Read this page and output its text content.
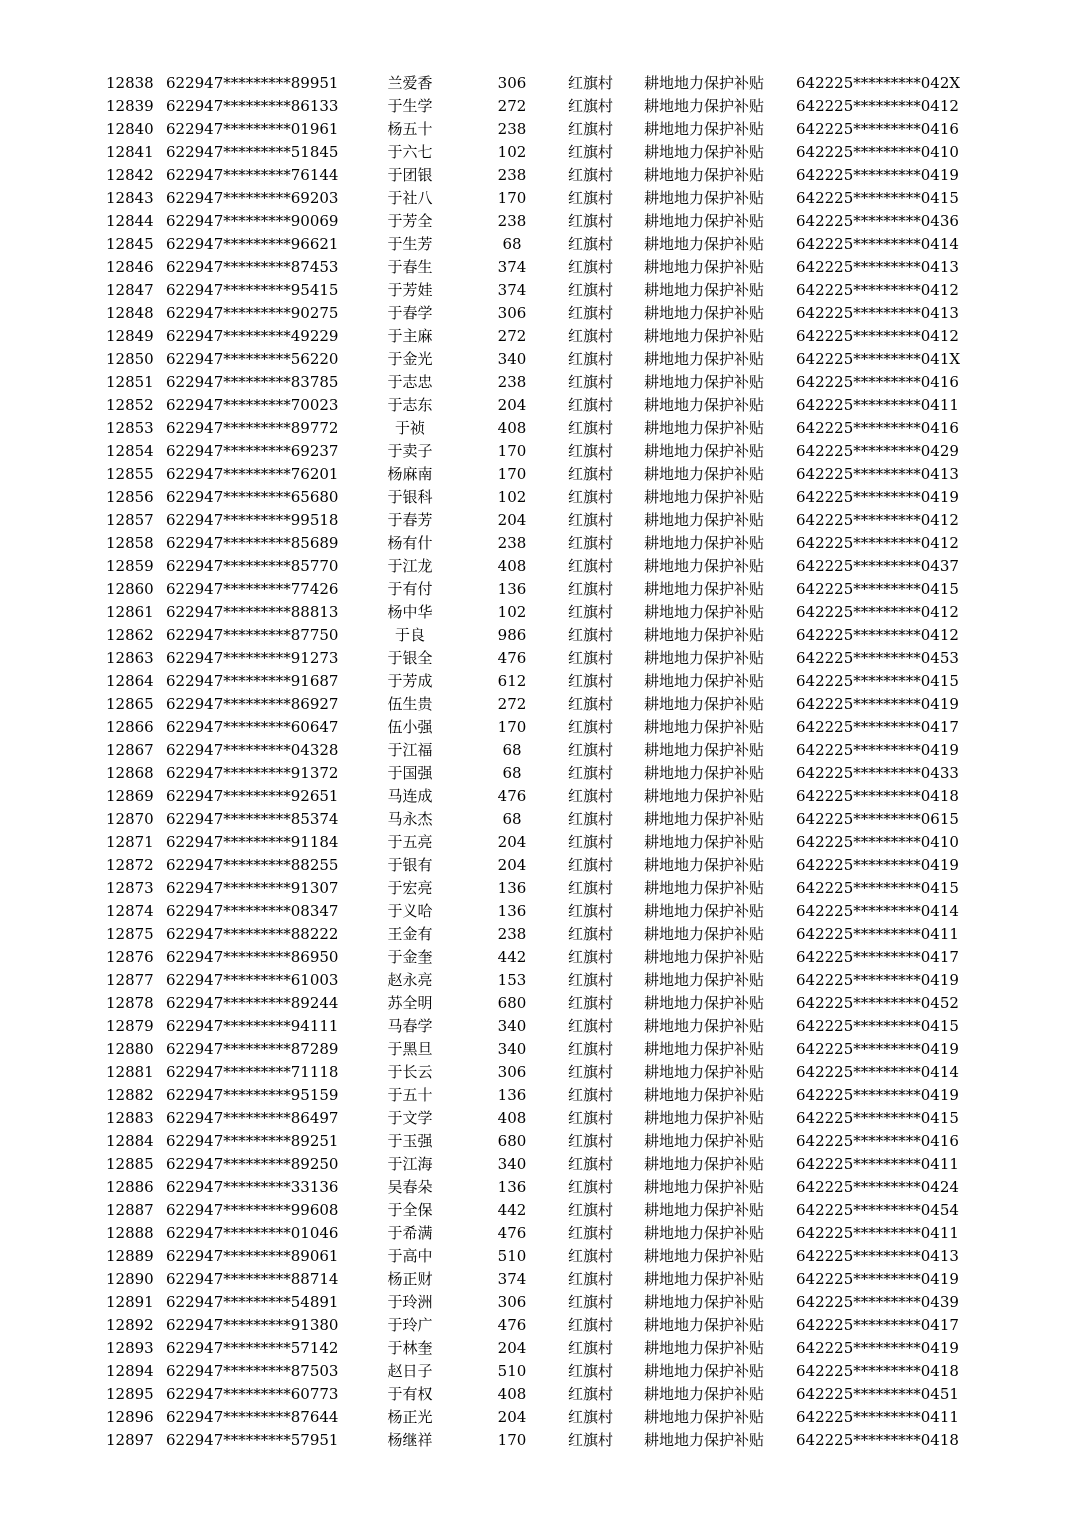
12838 622947*********89951	兰爱香	306	红旗村	耕地地力保护补贴	642225*********042X
12839 622947*********86133	于生学	272	红旗村	耕地地力保护补贴	642225*********0412
12840 622947*********01961	杨五十	238	红旗村	耕地地力保护补贴	642225*********0416
12841 622947*********51845	于六七	102	红旗村	耕地地力保护补贴	642225*********0410
12842 622947*********76144	于团银	238	红旗村	耕地地力保护补贴	642225*********0419
12843 622947*********69203	于社八	170	红旗村	耕地地力保护补贴	642225*********0415
12844 622947*********90069	于芳全	238	红旗村	耕地地力保护补贴	642225*********0436
12845 622947*********96621	于生芳	68	红旗村	耕地地力保护补贴	642225*********0414
12846 622947*********87453	于春生	374	红旗村	耕地地力保护补贴	642225*********0413
12847 622947*********95415	于芳娃	374	红旗村	耕地地力保护补贴	642225*********0412
12848 622947*********90275	于春学	306	红旗村	耕地地力保护补贴	642225*********0413
12849 622947*********49229	于主麻	272	红旗村	耕地地力保护补贴	642225*********0412
12850 622947*********56220	于金光	340	红旗村	耕地地力保护补贴	642225*********041X
12851 622947*********83785	于志忠	238	红旗村	耕地地力保护补贴	642225*********0416
12852 622947*********70023	于志东	204	红旗村	耕地地力保护补贴	642225*********0411
12853 622947*********89772	于祯	408	红旗村	耕地地力保护补贴	642225*********0416
12854 622947*********69237	于卖子	170	红旗村	耕地地力保护补贴	642225*********0429
12855 622947*********76201	杨麻南	170	红旗村	耕地地力保护补贴	642225*********0413
12856 622947*********65680	于银科	102	红旗村	耕地地力保护补贴	642225*********0419
12857 622947*********99518	于春芳	204	红旗村	耕地地力保护补贴	642225*********0412
12858 622947*********85689	杨有什	238	红旗村	耕地地力保护补贴	642225*********0412
12859 622947*********85770	于江龙	408	红旗村	耕地地力保护补贴	642225*********0437
12860 622947*********77426	于有付	136	红旗村	耕地地力保护补贴	642225*********0415
12861 622947*********88813	杨中华	102	红旗村	耕地地力保护补贴	642225*********0412
12862 622947*********87750	于良	986	红旗村	耕地地力保护补贴	642225*********0412
12863 622947*********91273	于银全	476	红旗村	耕地地力保护补贴	642225*********0453
12864 622947*********91687	于芳成	612	红旗村	耕地地力保护补贴	642225*********0415
12865 622947*********86927	伍生贵	272	红旗村	耕地地力保护补贴	642225*********0419
12866 622947*********60647	伍小强	170	红旗村	耕地地力保护补贴	642225*********0417
12867 622947*********04328	于江福	68	红旗村	耕地地力保护补贴	642225*********0419
12868 622947*********91372	于国强	68	红旗村	耕地地力保护补贴	642225*********0433
12869 622947*********92651	马连成	476	红旗村	耕地地力保护补贴	642225*********0418
12870 622947*********85374	马永杰	68	红旗村	耕地地力保护补贴	642225*********0615
12871 622947*********91184	于五亮	204	红旗村	耕地地力保护补贴	642225*********0410
12872 622947*********88255	于银有	204	红旗村	耕地地力保护补贴	642225*********0419
12873 622947*********91307	于宏亮	136	红旗村	耕地地力保护补贴	642225*********0415
12874 622947*********08347	于义哈	136	红旗村	耕地地力保护补贴	642225*********0414
12875 622947*********88222	王金有	238	红旗村	耕地地力保护补贴	642225*********0411
12876 622947*********86950	于金奎	442	红旗村	耕地地力保护补贴	642225*********0417
12877 622947*********61003	赵永亮	153	红旗村	耕地地力保护补贴	642225*********0419
12878 622947*********89244	苏全明	680	红旗村	耕地地力保护补贴	642225*********0452
12879 622947*********94111	马春学	340	红旗村	耕地地力保护补贴	642225*********0415
12880 622947*********87289	于黑旦	340	红旗村	耕地地力保护补贴	642225*********0419
12881 622947*********71118	于长云	306	红旗村	耕地地力保护补贴	642225*********0414
12882 622947*********95159	于五十	136	红旗村	耕地地力保护补贴	642225*********0419
12883 622947*********86497	于文学	408	红旗村	耕地地力保护补贴	642225*********0415
12884 622947*********89251	于玉强	680	红旗村	耕地地力保护补贴	642225*********0416
12885 622947*********89250	于江海	340	红旗村	耕地地力保护补贴	642225*********0411
12886 622947*********33136	吴春朵	136	红旗村	耕地地力保护补贴	642225*********0424
12887 622947*********99608	于全保	442	红旗村	耕地地力保护补贴	642225*********0454
12888 622947*********01046	于希满	476	红旗村	耕地地力保护补贴	642225*********0411
12889 622947*********89061	于高中	510	红旗村	耕地地力保护补贴	642225*********0413
12890 622947*********88714	杨正财	374	红旗村	耕地地力保护补贴	642225*********0419
12891 622947*********54891	于玲洲	306	红旗村	耕地地力保护补贴	642225*********0439
12892 622947*********91380	于玲广	476	红旗村	耕地地力保护补贴	642225*********0417
12893 622947*********57142	于林奎	204	红旗村	耕地地力保护补贴	642225*********0419
12894 622947*********87503	赵日子	510	红旗村	耕地地力保护补贴	642225*********0418
12895 622947*********60773	于有权	408	红旗村	耕地地力保护补贴	642225*********0451
12896 622947*********87644	杨正光	204	红旗村	耕地地力保护补贴	642225*********0411
12897 622947*********57951	杨继祥	170	红旗村	耕地地力保护补贴	642225*********0418
